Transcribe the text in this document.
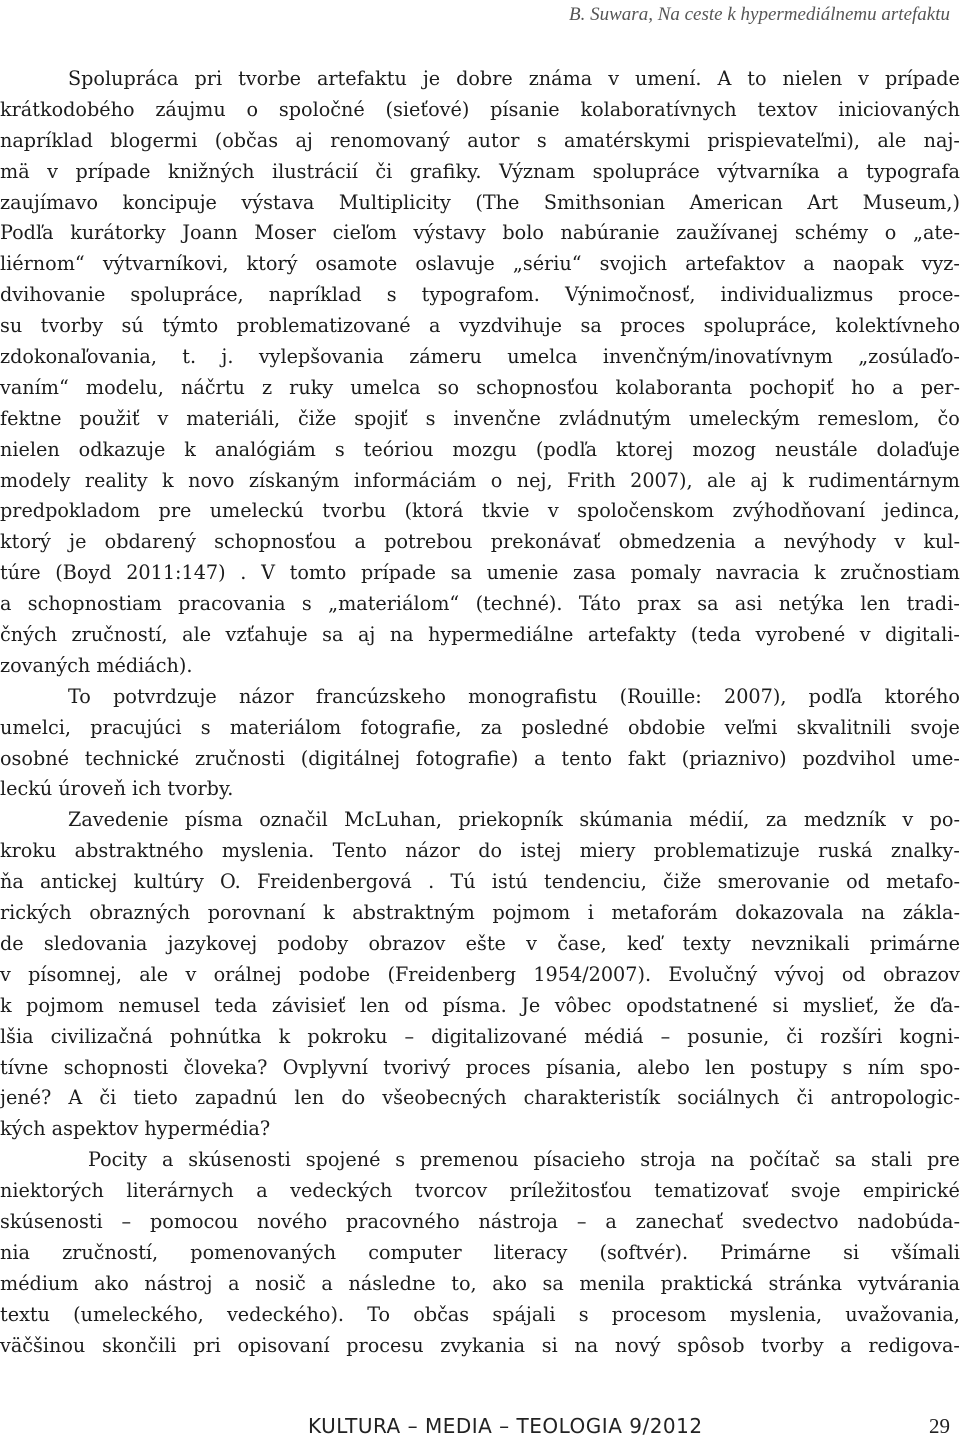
B. Suwara, Na ceste k hypermediálnemu artefaktu
Spolupráca pri tvorbe artefaktu je dobre známa v umení. A to nielen v prípade
krátkodobého záujmu o spoločné (sieťové) písanie kolaboratívnych textov iniciovaných
napríklad blogermi (občas aj renomovaný autor s amatérskymi prispievateľmi), ale naj-
mä v prípade knižných ilustrácií či grafiky. Význam spolupráce výtvarníka a typografa
zaujímavo koncipuje výstava Multiplicity (The Smithsonian American Art Museum,)
Podľa kurátorky Joann Moser cieľom výstavy bolo nabúranie zaužívanej schémy o „ate-
liérnom“ výtvarníkovi, ktorý osamote oslavuje „sériu“ svojich artefaktov a naopak vyz-
dvihovanie spolupráce, napríklad s typografom. Výnimočnosť, individualizmus proce-
su tvorby sú týmto problematizované a vyzdvihuje sa proces spolupráce, kolektívneho
zdokonaľovania, t. j. vylepšovania zámeru umelca invenčným/inovatívnym „zosúlaďo-
vaním“ modelu, náčrtu z ruky umelca so schopnosťou kolaboranta pochopiť ho a per-
fektne použiť v materiáli, čiže spojiť s invenčne zvládnutým umeleckým remeslom, čo
nielen odkazuje k analógiám s teóriou mozgu (podľa ktorej mozog neustále dolaďuje
modely reality k novo získaným informáciám o nej, Frith 2007), ale aj k rudimentárnym
predpokladom pre umeleckú tvorbu (ktorá tkvie v spoločenskom zvýhodňovaní jedinca,
ktorý je obdarený schopnosťou a potrebou prekonávať obmedzenia a nevýhody v kul-
túre (Boyd 2011:147) . V tomto prípade sa umenie zasa pomaly navracia k zručnostiam
a schopnostiam pracovania s „materiálom“ (techné). Táto prax sa asi netýka len tradi-
čných zručností, ale vzťahuje sa aj na hypermediálne artefakty (teda vyrobené v digitali-
zovaných médiách).
To potvrdzuje názor francúzskeho monografistu (Rouille: 2007), podľa ktorého
umelci, pracujúci s materiálom fotografie, za posledné obdobie veľmi skvalitnili svoje
osobné technické zručnosti (digitálnej fotografie) a tento fakt (priaznivo) pozdvihol ume-
leckú úroveň ich tvorby.
Zavedenie písma označil McLuhan, priekopník skúmania médií, za medzník v po-
kroku abstraktného myslenia. Tento názor do istej miery problematizuje ruská znalky-
ňa antickej kultúry O. Freidenbergová . Tú istú tendenciu, čiže smerovanie od metafo-
rických obrazných porovnaní k abstraktným pojmom i metaforám dokazovala na zákla-
de sledovania jazykovej podoby obrazov ešte v čase, keď texty nevznikali primárne
v písomnej, ale v orálnej podobe (Freidenberg 1954/2007). Evolučný vývoj od obrazov
k pojmom nemusel teda závisieť len od písma. Je vôbec opodstatnené si myslieť, že ďa-
lšia civilizačná pohnútka k pokroku – digitalizované médiá – posunie, či rozšíri kogni-
tívne schopnosti človeka? Ovplyvní tvorivý proces písania, alebo len postupy s ním spo-
jené? A či tieto zapadnú len do všeobecných charakteristík sociálnych či antropologic-
kých aspektov hypermédia?
Pocity a skúsenosti spojené s premenou písacieho stroja na počítač sa stali pre
niektorých literárnych a vedeckých tvorcov príležitosťou tematizovať svoje empirické
skúsenosti – pomocou nového pracovného nástroja – a zanechať svedectvo nadobúda-
nia zručností, pomenovaných computer literacy (softvér). Primárne si všímali
médium ako nástroj a nosič a následne to, ako sa menila praktická stránka vytvárania
textu (umeleckého, vedeckého). To občas spájali s procesom myslenia, uvažovania,
väčšinou skončili pri opisovaní procesu zvykania si na nový spôsob tvorby a redigova-
KULTURA – MEDIA – TEOLOGIA 9/2012	29
